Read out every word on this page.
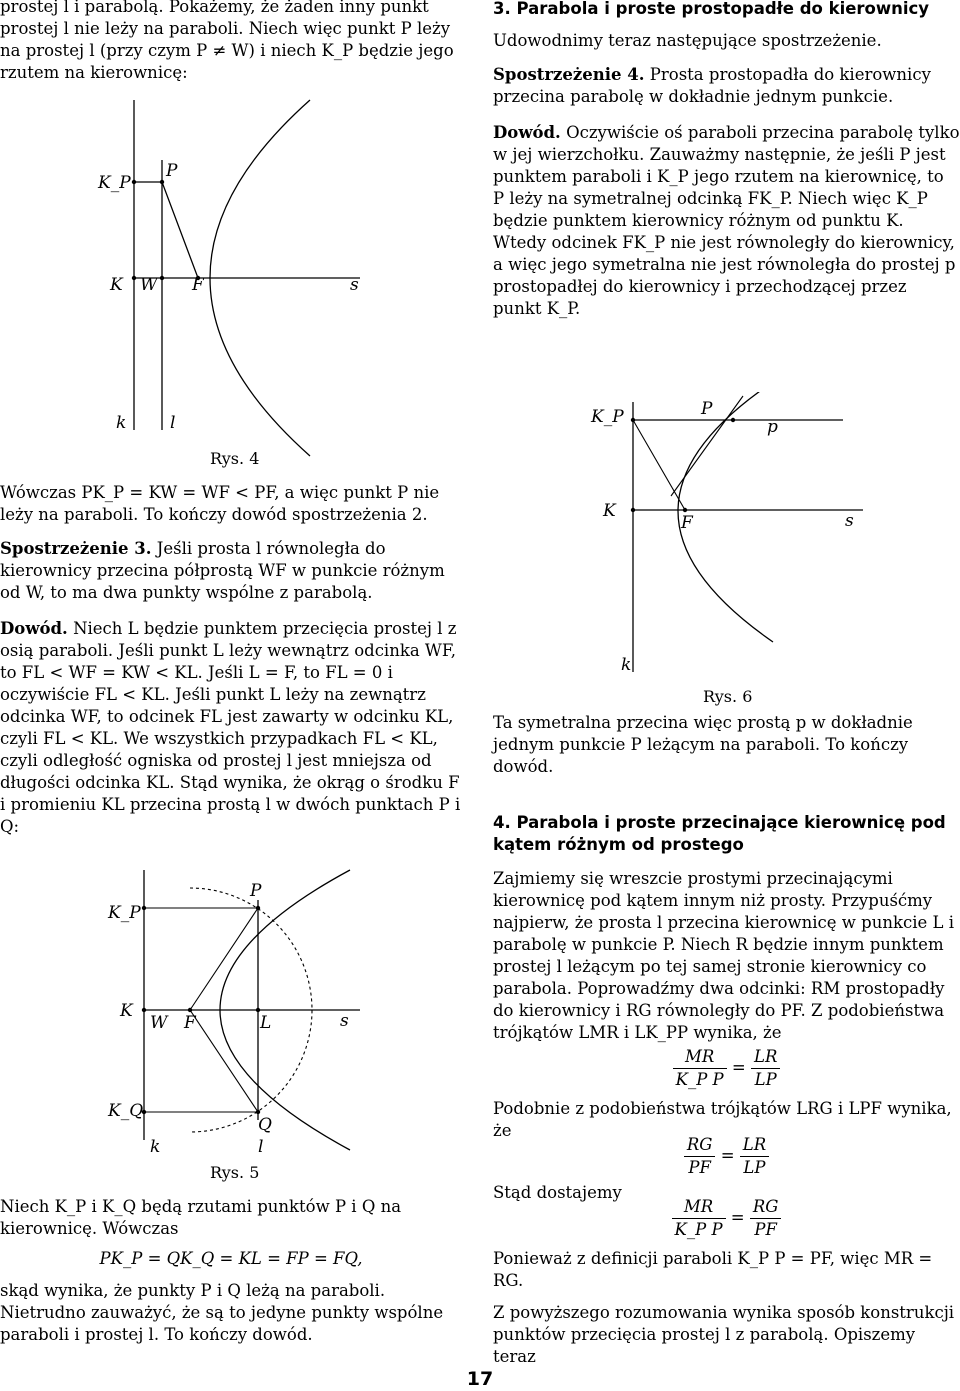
prostej l i parabolą. Pokażemy, że żaden inny punkt prostej l nie leży na paraboli. Niech więc punkt P leży na prostej l (przy czym P ≠ W) i niech K_P będzie jego rzutem na kierownicę:
K_P
P
K W F	s
k	l
Rys. 4
Wówczas PK_P = KW = WF < PF, a więc punkt P nie leży na paraboli. To kończy dowód spostrzeżenia 2.
Spostrzeżenie 3. Jeśli prosta l równoległa do kierownicy przecina półprostą WF w punkcie różnym od W, to ma dwa punkty wspólne z parabolą.
Dowód. Niech L będzie punktem przecięcia prostej l z osią paraboli. Jeśli punkt L leży wewnątrz odcinka WF, to FL < WF = KW < KL. Jeśli L = F, to FL = 0 i oczywiście FL < KL. Jeśli punkt L leży na zewnątrz odcinka WF, to odcinek FL jest zawarty w odcinku KL, czyli FL < KL. We wszystkich przypadkach FL < KL, czyli odległość ogniska od prostej l jest mniejsza od długości odcinka KL. Stąd wynika, że okrąg o środku F i promieniu KL przecina prostą l w dwóch punktach P i Q:
K_P
P
K
W F	L	s
K_Q
Q
k	l
Rys. 5
Niech K_P i K_Q będą rzutami punktów P i Q na kierownicę. Wówczas
PK_P = QK_Q = KL = FP = FQ,
skąd wynika, że punkty P i Q leżą na paraboli. Nietrudno zauważyć, że są to jedyne punkty wspólne paraboli i prostej l. To kończy dowód.
3. Parabola i proste prostopadłe do kierownicy
Udowodnimy teraz następujące spostrzeżenie.
Spostrzeżenie 4. Prosta prostopadła do kierownicy przecina parabolę w dokładnie jednym punkcie.
Dowód. Oczywiście oś paraboli przecina parabolę tylko w jej wierzchołku. Zauważmy następnie, że jeśli P jest punktem paraboli i K_P jego rzutem na kierownicę, to P leży na symetralnej odcinką FK_P. Niech więc K_P będzie punktem kierownicy różnym od punktu K. Wtedy odcinek FK_P nie jest równoległy do kierownicy, a więc jego symetralna nie jest równoległa do prostej p prostopadłej do kierownicy i przechodzącej przez punkt K_P.
K_P	P
p
K
F	s
k
Rys. 6
Ta symetralna przecina więc prostą p w dokładnie jednym punkcie P leżącym na paraboli. To kończy dowód.
4. Parabola i proste przecinające kierownicę pod kątem różnym od prostego
Zajmiemy się wreszcie prostymi przecinającymi kierownicę pod kątem innym niż prosty. Przypuśćmy najpierw, że prosta l przecina kierownicę w punkcie L i parabolę w punkcie P. Niech R będzie innym punktem prostej l leżącym po tej samej stronie kierownicy co parabola. Poprowadźmy dwa odcinki: RM prostopadły do kierownicy i RG równoległy do PF. Z podobieństwa trójkątów LMR i LK_PP wynika, że
$\frac{MR}{\text{K\_P P}} = \frac{LR}{LP}$
Podobnie z podobieństwa trójkątów LRG i LPF wynika, że
$\frac{RG}{PF} = \frac{LR}{LP}$
Stąd dostajemy
$\frac{MR}{\text{K\_P P}} = \frac{RG}{PF}$
Ponieważ z definicji paraboli K_P P = PF, więc MR = RG.
Z powyższego rozumowania wynika sposób konstrukcji punktów przecięcia prostej l z parabolą. Opiszemy teraz
17
